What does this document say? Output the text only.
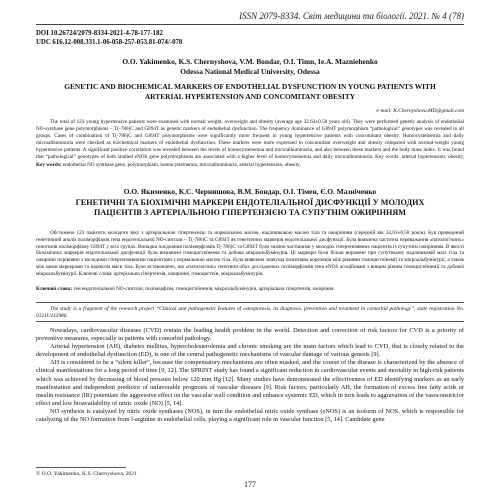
ISSN 2079-8334. Світ медицини та біології. 2021. № 4 (78)
DOI 10.26724/2079-8334-2021-4-78-177-182
UDC 616.12-008.331.1-06-058-257-053.81-074/-078
O.O. Yakimenko, K.S. Chernyshova, V.M. Bondar, O.I. Timn, Ie.A. Mazniehenko
Odessa National Medical University, Odessa
GENETIC AND BIOCHEMICAL MARKERS OF ENDOTHELIAL DYSFUNCTION IN YOUNG PATIENTS WITH ARTERIAL HYPERTENSION AND CONCOMITANT OBESITY
e-mail: K.Chernyshova.MD@gmail.com
The total of 123 young hypertensive patients were examined with normal weight, overweight and obesity (average age 32.63±0.58 years old). They were performed genetic analysis of endothelial NO-synthase gene polymorphisms – T(-786)C and G894T as genetic markers of endothelial dysfunction. The frequency dominance of G894T polymorphism “pathological” genotypes was revealed in all groups. Cases of combination of T(-786)C and G894T polymorphisms were significantly more frequent in young hypertensive patients with concomitant obesity. Homocysteinemia and daily microalbuminuria were checked as biochemical markers of endothelial dysfunction. These markers were more expressed in concomitant overweight and obesity compared with normal-weight young hypertensive patients. A significant positive correlation was revealed between the levels of homocysteinemia and microalbuminuria, and also between these markers and the body mass index. It was found that “pathological” genotypes of both studied eNOS gene polymorphisms are associated with a higher level of homocysteinemia and daily microalbuminuria. Key words: arterial hypertension, obesity,
Key words: endothelial NO synthase gene, polymorphism, homocysteinemia, microalbuminuria, arterial hypertension, obesity.
О.О. Якименко, К.С. Чернишова, В.М. Бондар, О.І. Тімен, Є.О. Мазніченко
ГЕНЕТИЧНІ ТА БІОХІМІЧНІ МАРКЕРИ ЕНДОТЕЛІАЛЬНОЇ ДИСФУНКЦІЇ У МОЛОДИХ ПАЦІЄНТІВ З АРТЕРІАЛЬНОЮ ГІПЕРТЕНЗІЄЮ ТА СУПУТНІМ ОЖИРІННЯМ
Обстежено 123 пацієнти молодого віку з артеріальною гіпертензією та нормальною масою, надлишковою масою тіла та ожирінням (середній вік 32,63±0,58 років). Був проведений генетичний аналіз поліморфізмів гена ендотеліальної NO-синтази – T(-786)C та G894T як генетичних маркерів ендотеліальної дисфункції. Була виявлена частотна переважання «патологічних» генотипів поліморфізму G894T у всіх групах. Випадки поєднання поліморфізмів T(-786)C та G894T були значно частішими у молодих гіпертензивних пацієнтів із супутнім ожирінням. В якості біохімічних маркерів ендотеліальної дисфункції були визначені гомоцистеїнемія та добова мікроальбумінурія. Ці маркери були більш виражені при супутньому надлишковій масі тіла та ожирінні порівняно з молодими гіпертензивними пацієнтами з нормальною масою тіла. Була виявлена значуща позитивна кореляція між рівнями гомоцистеїнемії та мікроальбумінурії, а також між цими маркерами та індексом маси тіла. Було встановлено, що «патологічні» генотипи обох досліджених поліморфізмів гена eNOS асоційовані з вищим рівнем гомоцистеїнемії та добової мікроальбумінурії. Ключові слова: артеріальна гіпертензія, ожиріння, гомоцистеїн, мікроальбумінурія.
Ключові слова: ген ендотеліальної NO-синтази, поліморфізм, гомоцистеїнемія, мікроальбумінурія, артеріальна гіпертензія, ожиріння.
The study is a fragment of the research project “Clinical and pathogenetic features of osteoporosis, its diagnosis, prevention and treatment in comorbid pathology”, state registration No. 0121U113986.

Nowadays, cardiovascular diseases (CVD) remain the leading health problem in the world. Detection and correction of risk factors for CVD is a priority of preventive measures, especially in patients with comorbid pathology.

Arterial hypertension (AH), diabetes mellitus, hypercholesterolemia and chronic smoking are the main factors which lead to CVD, that is closely related to the development of endothelial dysfunction (ED), is one of the central pathogenetic mechanisms of vascular damage of various genesis [9].

AH is considered to be a “silent killer”, because the compensatory mechanisms are often masked, and the course of the disease is characterized by the absence of clinical manifestations for a long period of time [9, 12]. The SPRINT study has found a significant reduction in cardiovascular events and mortality in high-risk patients which was achieved by decreasing of blood pressure below 120 mm Hg [12]. Many studies have demonstrated the effectiveness of ED identifying markers as an early manifestation and independent predictor of unfavorable prognosis of vascular diseases [9]. Risk factors, particularly AH, the formation of excess free fatty acids or insulin resistance (IR) potentiate the aggressive effect on the vascular wall condition and enhance systemic ED, which in turn leads to aggravation of the vasoconstrictor effect and low bioavailability of nitric oxide (NO) [5, 14].

NO synthesis is catalyzed by nitric oxide synthases (NOS), in turn the endothelial nitric oxide synthase (eNOS) is an isoform of NOS, which is responsible for catalyzing of the NO formation from l-arginine in endothelial cells, playing a significant role in vascular function [5, 14]. Candidate gene

© O.O. Yakimenko, K.S. Chernyshova, 2021
177
